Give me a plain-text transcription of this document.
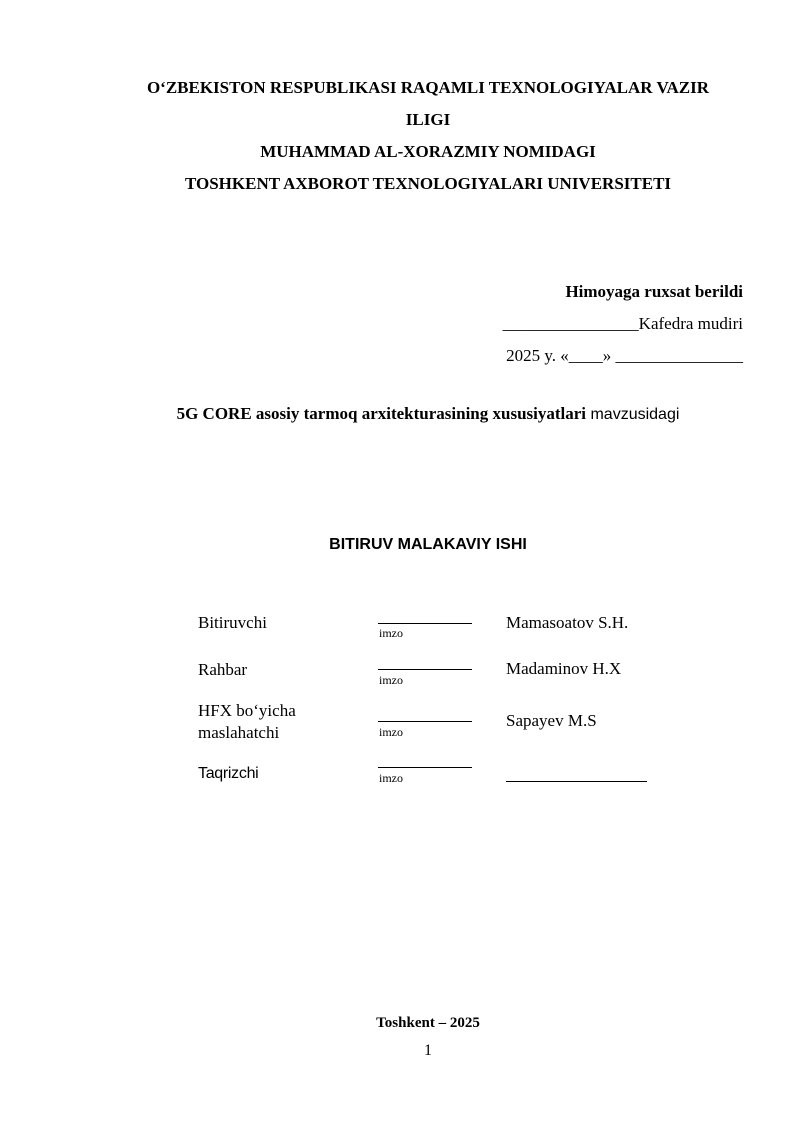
O‘ZBEKISTON RESPUBLIKASI RAQAMLI TEXNOLOGIYALAR VAZIR
ILIGI
MUHAMMAD AL-XORAZMIY NOMIDAGI
TOSHKENT AXBOROT TEXNOLOGIYALARI UNIVERSITETI
Himoyaga ruxsat berildi
________________Kafedra mudiri
2025 y. «____» _______________
5G CORE asosiy tarmoq arxitekturasining xususiyatlari mavzusidagi
BITIRUV MALAKAVIY ISHI
Bitiruvchi
imzo
Mamasoatov S.H.
Rahbar
imzo
Madaminov H.X
HFX bo‘yicha
maslahatchi	imzo
Sapayev M.S
Taqrizchi	imzo
Toshkent – 2025
1
